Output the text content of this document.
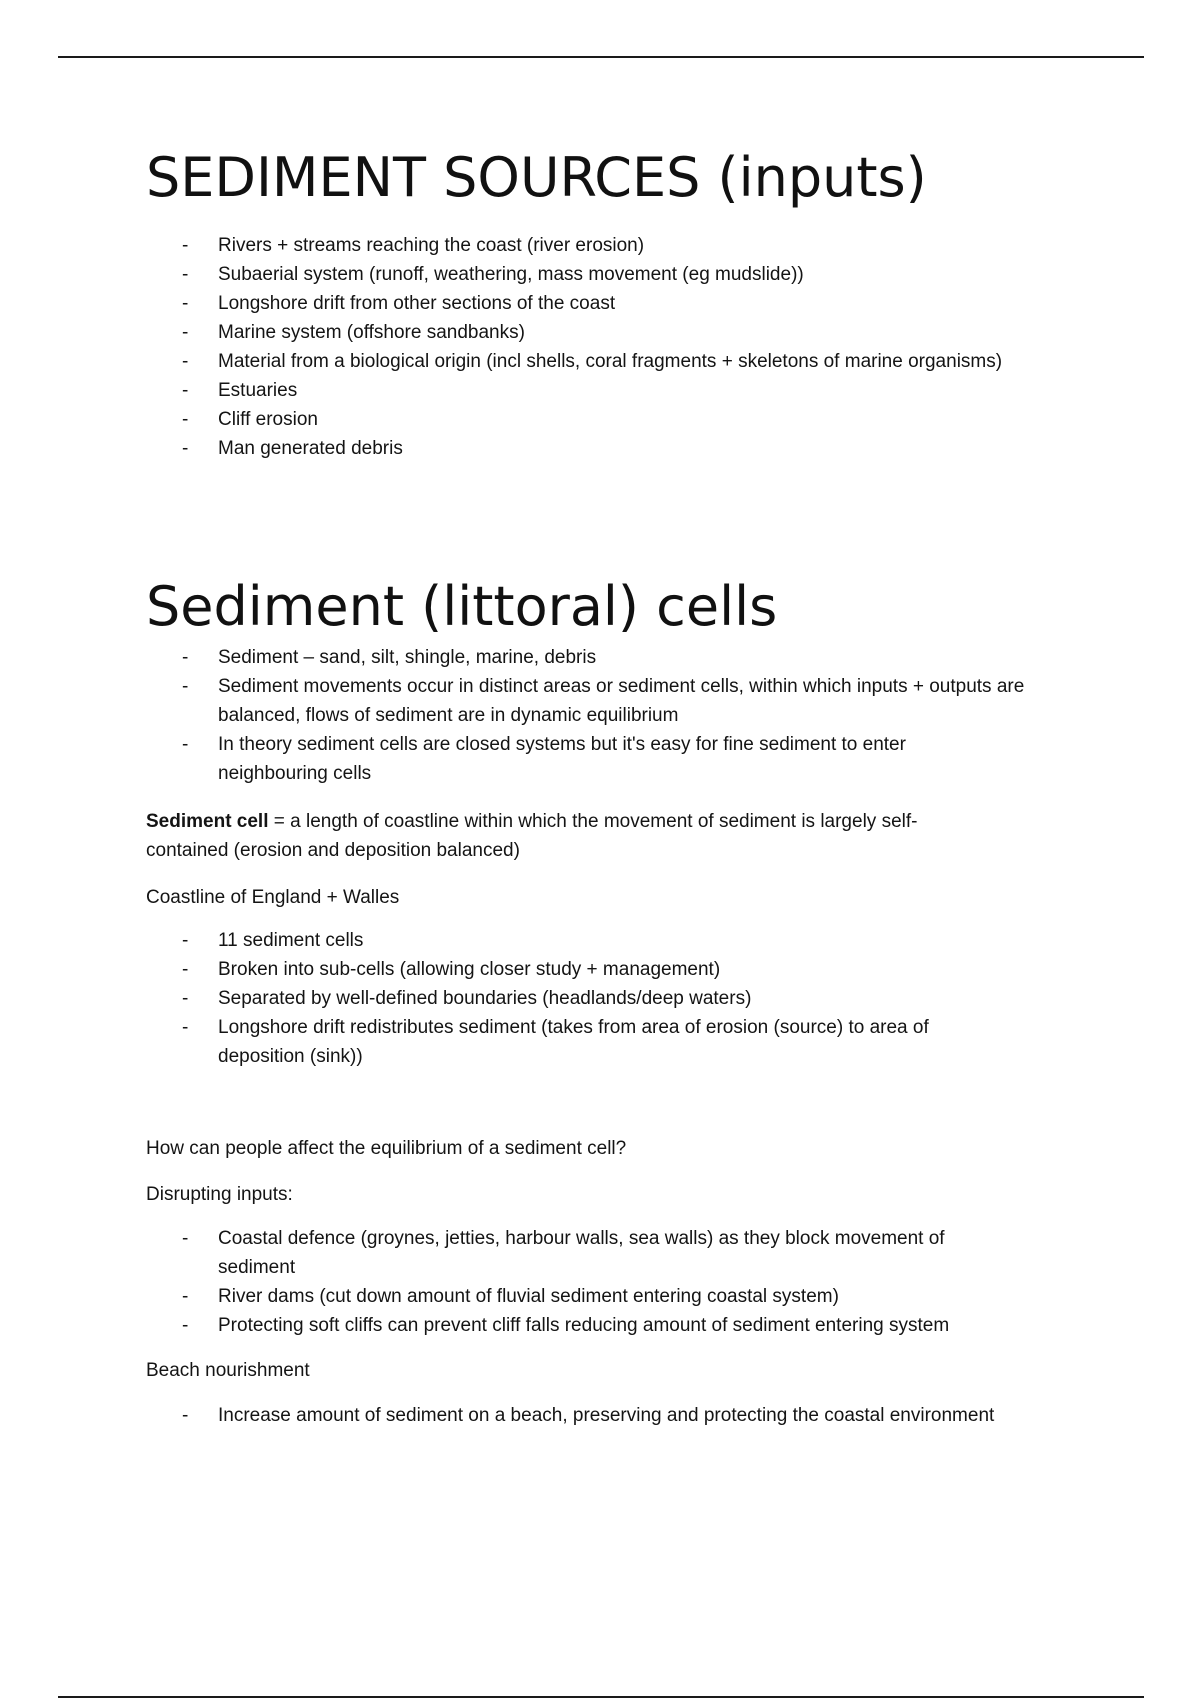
SEDIMENT SOURCES (inputs)
- Rivers + streams reaching the coast (river erosion)
- Subaerial system (runoff, weathering, mass movement (eg mudslide))
- Longshore drift from other sections of the coast
- Marine system (offshore sandbanks)
- Material from a biological origin (incl shells, coral fragments + skeletons of marine organisms)
- Estuaries
- Cliff erosion
- Man generated debris
Sediment (littoral) cells
- Sediment – sand, silt, shingle, marine, debris
- Sediment movements occur in distinct areas or sediment cells, within which inputs + outputs are balanced, flows of sediment are in dynamic equilibrium
- In theory sediment cells are closed systems but it's easy for fine sediment to enter neighbouring cells

Sediment cell = a length of coastline within which the movement of sediment is largely self-contained (erosion and deposition balanced)

Coastline of England + Walles

- 11 sediment cells
- Broken into sub-cells (allowing closer study + management)
- Separated by well-defined boundaries (headlands/deep waters)
- Longshore drift redistributes sediment (takes from area of erosion (source) to area of deposition (sink))

How can people affect the equilibrium of a sediment cell?

Disrupting inputs:

- Coastal defence (groynes, jetties, harbour walls, sea walls) as they block movement of sediment
- River dams (cut down amount of fluvial sediment entering coastal system)
- Protecting soft cliffs can prevent cliff falls reducing amount of sediment entering system

Beach nourishment

- Increase amount of sediment on a beach, preserving and protecting the coastal environment
